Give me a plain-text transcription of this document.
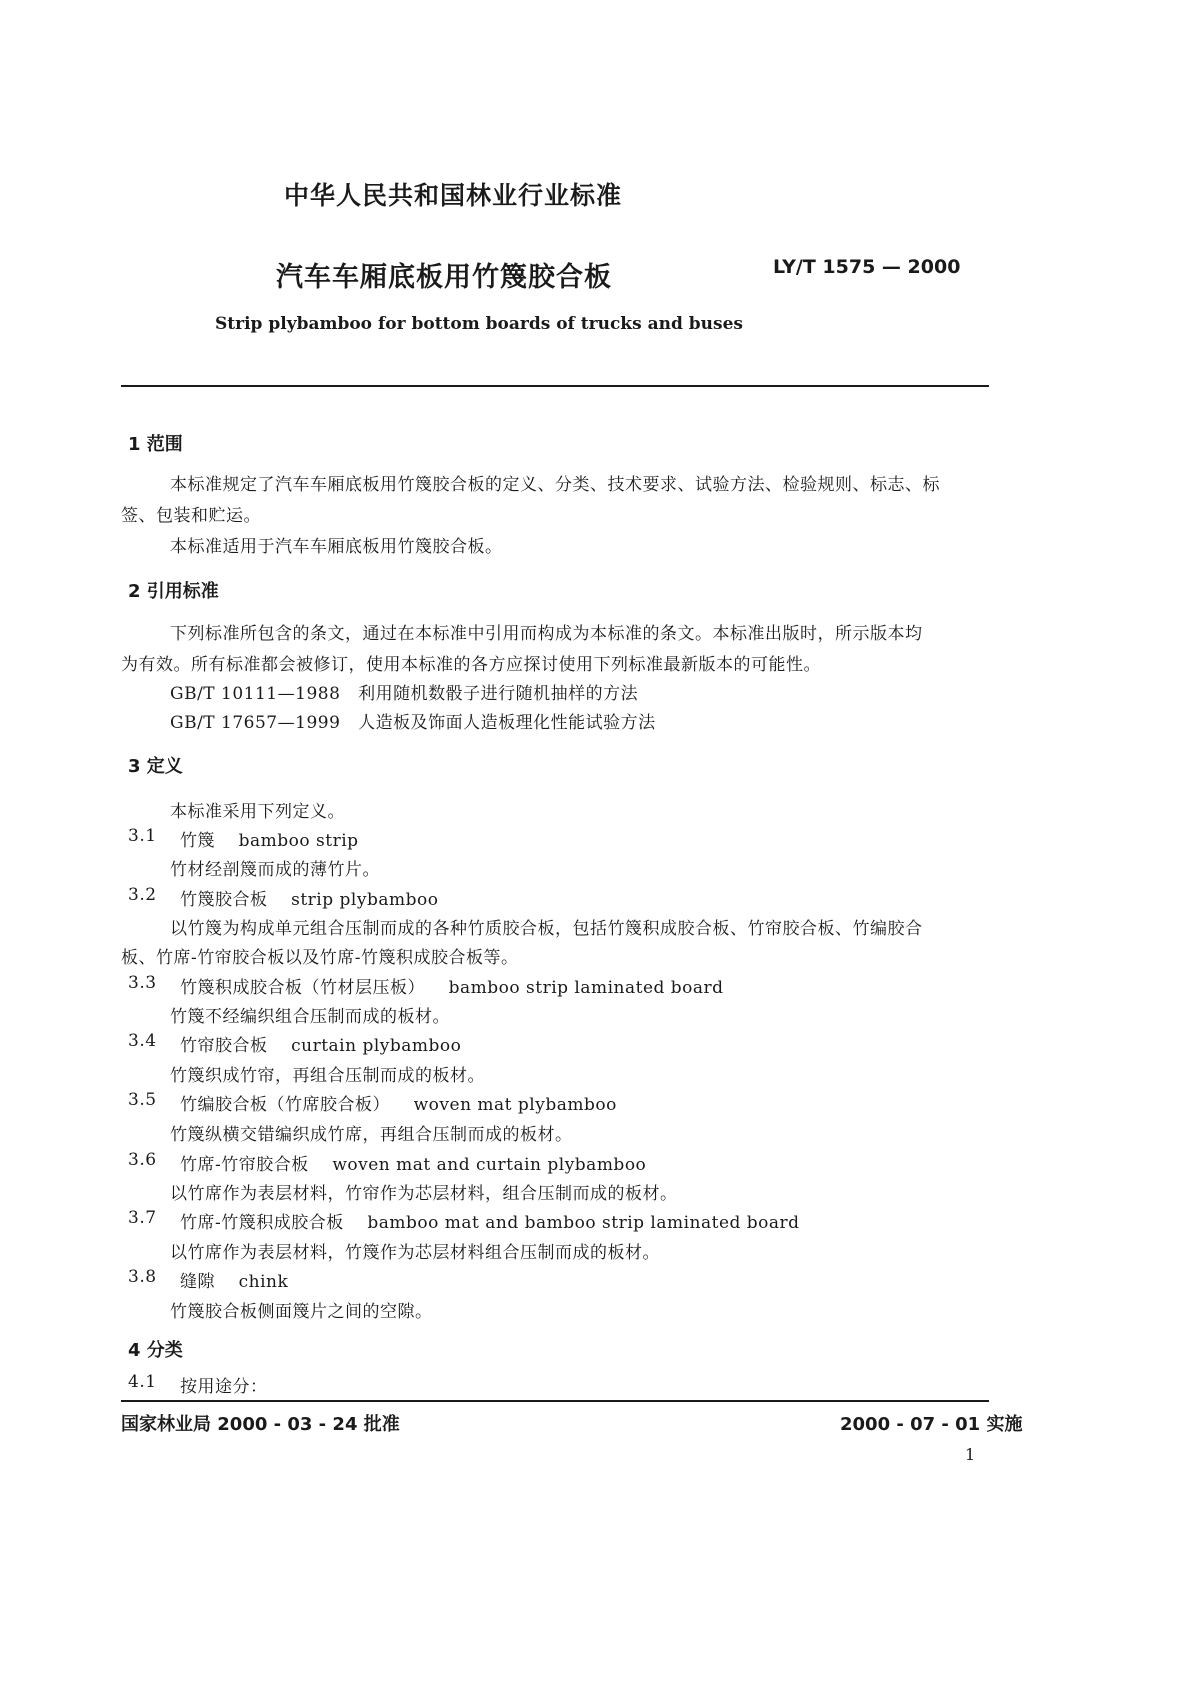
中华人民共和国林业行业标准
汽车车厢底板用竹篾胶合板	LY/T 1575 — 2000
Strip plybamboo for bottom boards of trucks and buses
1 范围
本标准规定了汽车车厢底板用竹篾胶合板的定义、分类、技术要求、试验方法、检验规则、标志、标
签、包装和贮运。
本标准适用于汽车车厢底板用竹篾胶合板。
2 引用标准
下列标准所包含的条文，通过在本标准中引用而构成为本标准的条文。本标准出版时，所示版本均
为有效。所有标准都会被修订，使用本标准的各方应探讨使用下列标准最新版本的可能性。
GB/T 10111—1988   利用随机数骰子进行随机抽样的方法
GB/T 17657—1999   人造板及饰面人造板理化性能试验方法
3 定义
本标准采用下列定义。
3.1 竹篾    bamboo strip
竹材经剖篾而成的薄竹片。
3.2 竹篾胶合板    strip plybamboo
以竹篾为构成单元组合压制而成的各种竹质胶合板，包括竹篾积成胶合板、竹帘胶合板、竹编胶合
板、竹席-竹帘胶合板以及竹席-竹篾积成胶合板等。
3.3 竹篾积成胶合板（竹材层压板）    bamboo strip laminated board
竹篾不经编织组合压制而成的板材。
3.4 竹帘胶合板    curtain plybamboo
竹篾织成竹帘，再组合压制而成的板材。
3.5 竹编胶合板（竹席胶合板）    woven mat plybamboo
竹篾纵横交错编织成竹席，再组合压制而成的板材。
3.6 竹席-竹帘胶合板    woven mat and curtain plybamboo
以竹席作为表层材料，竹帘作为芯层材料，组合压制而成的板材。
3.7 竹席-竹篾积成胶合板    bamboo mat and bamboo strip laminated board
以竹席作为表层材料，竹篾作为芯层材料组合压制而成的板材。
3.8 缝隙    chink
竹篾胶合板侧面篾片之间的空隙。
4 分类
4.1 按用途分：
国家林业局 2000 - 03 - 24 批准	2000 - 07 - 01 实施
1
